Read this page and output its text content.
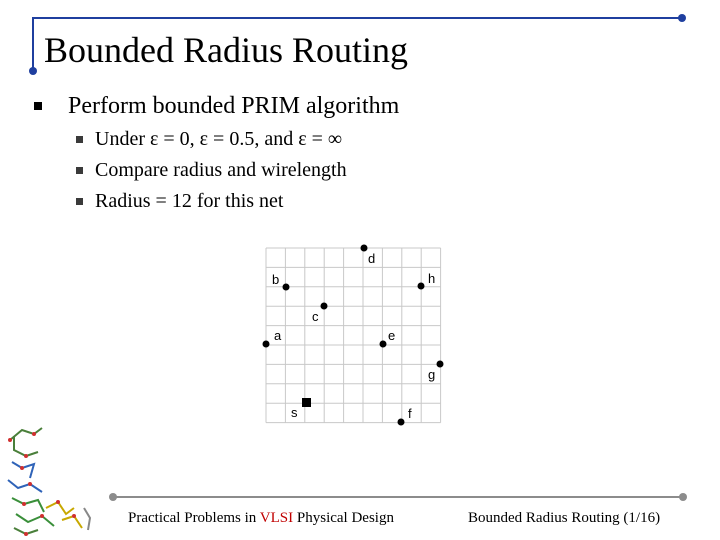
Bounded Radius Routing
Perform bounded PRIM algorithm
Under ε = 0, ε = 0.5, and ε = ∞
Compare radius and wirelength
Radius = 12 for this net
d
b	h
c
a	e
g
s	f
Practical Problems in VLSI Physical Design	Bounded Radius Routing (1/16)
